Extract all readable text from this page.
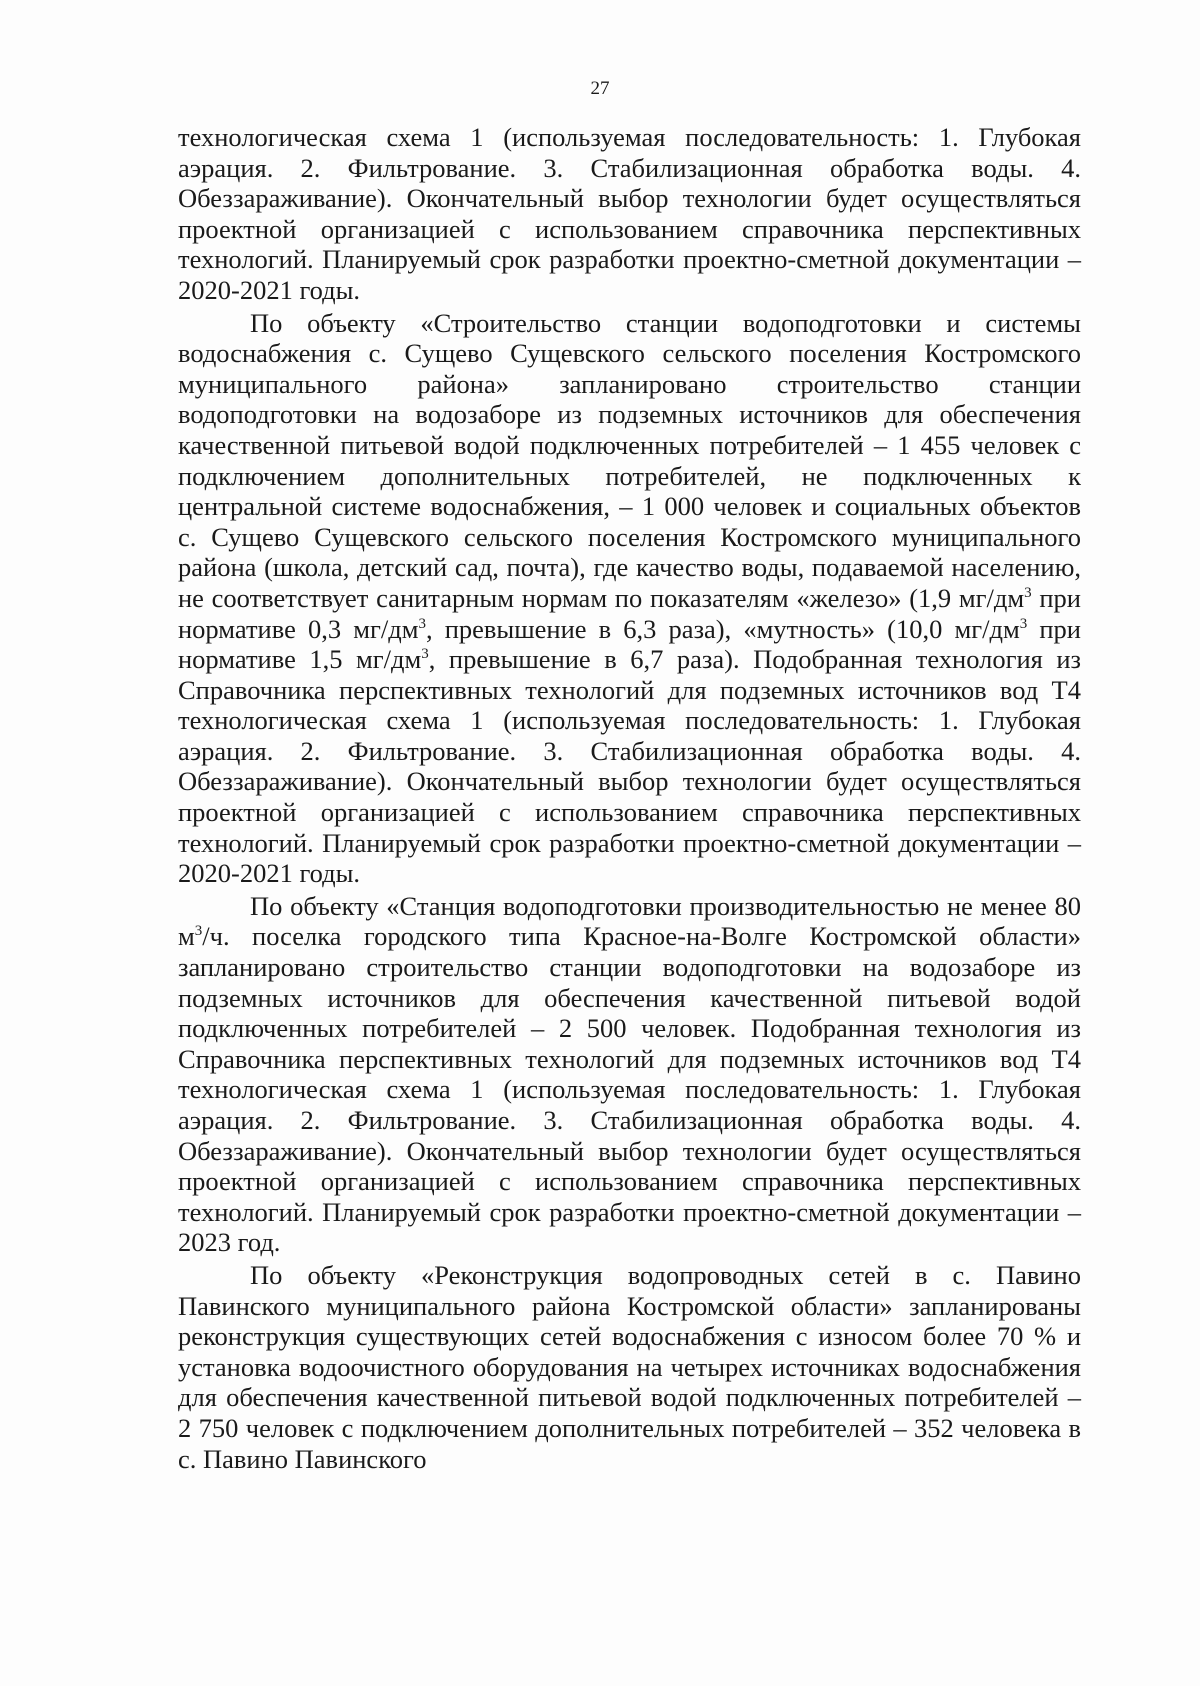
27

технологическая схема 1 (используемая последовательность: 1. Глубокая аэрация. 2. Фильтрование. 3. Стабилизационная обработка воды. 4. Обеззараживание). Окончательный выбор технологии будет осуществляться проектной организацией с использованием справочника перспективных технологий. Планируемый срок разработки проектно-сметной документации – 2020-2021 годы.

По объекту «Строительство станции водоподготовки и системы водоснабжения с. Сущево Сущевского сельского поселения Костромского муниципального района» запланировано строительство станции водоподготовки на водозаборе из подземных источников для обеспечения качественной питьевой водой подключенных потребителей – 1 455 человек с подключением дополнительных потребителей, не подключенных к центральной системе водоснабжения, – 1 000 человек и социальных объектов с. Сущево Сущевского сельского поселения Костромского муниципального района (школа, детский сад, почта), где качество воды, подаваемой населению, не соответствует санитарным нормам по показателям «железо» (1,9 $мг/дм^3$ при нормативе 0,3 $мг/дм^3$, превышение в 6,3 раза), «мутность» (10,0 $мг/дм^3$ при нормативе 1,5 $мг/дм^3$, превышение в 6,7 раза). Подобранная технология из Справочника перспективных технологий для подземных источников вод Т4 технологическая схема 1 (используемая последовательность: 1. Глубокая аэрация. 2. Фильтрование. 3. Стабилизационная обработка воды. 4. Обеззараживание). Окончательный выбор технологии будет осуществляться проектной организацией с использованием справочника перспективных технологий. Планируемый срок разработки проектно-сметной документации – 2020-2021 годы.

По объекту «Станция водоподготовки производительностью не менее 80 $м^3/ч$. поселка городского типа Красное-на-Волге Костромской области» запланировано строительство станции водоподготовки на водозаборе из подземных источников для обеспечения качественной питьевой водой подключенных потребителей – 2 500 человек. Подобранная технология из Справочника перспективных технологий для подземных источников вод Т4 технологическая схема 1 (используемая последовательность: 1. Глубокая аэрация. 2. Фильтрование. 3. Стабилизационная обработка воды. 4. Обеззараживание). Окончательный выбор технологии будет осуществляться проектной организацией с использованием справочника перспективных технологий. Планируемый срок разработки проектно-сметной документации – 2023 год.

По объекту «Реконструкция водопроводных сетей в с. Павино Павинского муниципального района Костромской области» запланированы реконструкция существующих сетей водоснабжения с износом более 70 % и установка водоочистного оборудования на четырех источниках водоснабжения для обеспечения качественной питьевой водой подключенных потребителей – 2 750 человек с подключением дополнительных потребителей – 352 человека в с. Павино Павинского
